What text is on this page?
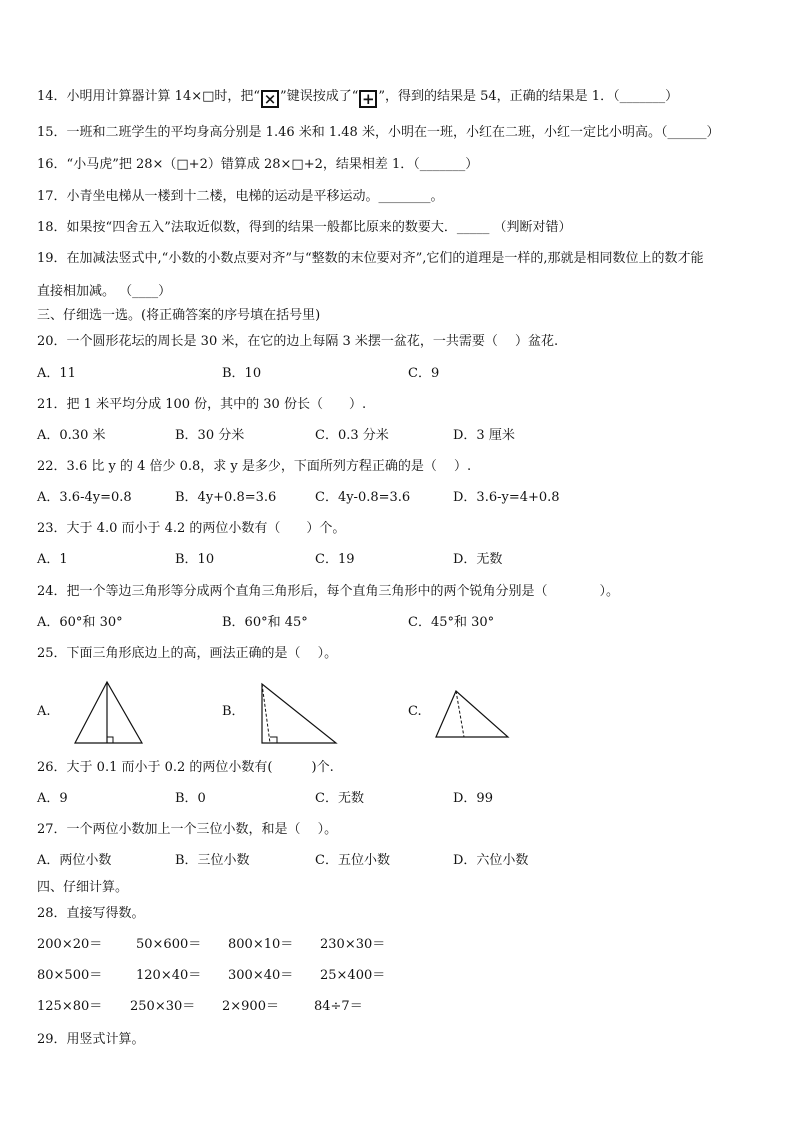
14．小明用计算器计算 14×□时，把“ × ”键误按成了“ + ”，得到的结果是 54，正确的结果是 1．（_______）
15．一班和二班学生的平均身高分别是 1.46 米和 1.48 米，小明在一班，小红在二班，小红一定比小明高。（______）
16．“小马虎”把 28×（□+2）错算成 28×□+2，结果相差 1．（_______）
17．小青坐电梯从一楼到十二楼，电梯的运动是平移运动。________。
18．如果按“四舍五入”法取近似数，得到的结果一般都比原来的数要大．_____ （判断对错）
19．在加减法竖式中,“小数的小数点要对齐”与“整数的末位要对齐”,它们的道理是一样的,那就是相同数位上的数才能
直接相加减。 （____）
三、仔细选一选。(将正确答案的序号填在括号里)
20．一个圆形花坛的周长是 30 米，在它的边上每隔 3 米摆一盆花，一共需要（　 ）盆花.
A．11	B．10	C．9
21．把 1 米平均分成 100 份，其中的 30 份长（　　）.
A．0.30 米	B．30 分米	C．0.3 分米	D．3 厘米
22．3.6 比 y 的 4 倍少 0.8，求 y 是多少，下面所列方程正确的是（　 ）.
A．3.6-4y=0.8	B．4y+0.8=3.6	C．4y-0.8=3.6	D．3.6-y=4+0.8
23．大于 4.0 而小于 4.2 的两位小数有（　　）个。
A．1	B．10	C．19	D．无数
24．把一个等边三角形等分成两个直角三角形后，每个直角三角形中的两个锐角分别是（　　　　）。
A．60°和 30°	B．60°和 45°	C．45°和 30°
25．下面三角形底边上的高，画法正确的是（　 ）。
A.	B．	C.
26．大于 0.1 而小于 0.2 的两位小数有(　　　)个.
A．9	B．0	C．无数	D．99
27．一个两位小数加上一个三位小数，和是（　 ）。
A．两位小数	B．三位小数	C．五位小数	D．六位小数
四、仔细计算。
28．直接写得数。
200×20＝	50×600＝ 800×10＝ 230×30＝
80×500＝	120×40＝ 300×40＝ 25×400＝
125×80＝ 250×30＝ 2×900＝	84÷7＝
29．用竖式计算。
